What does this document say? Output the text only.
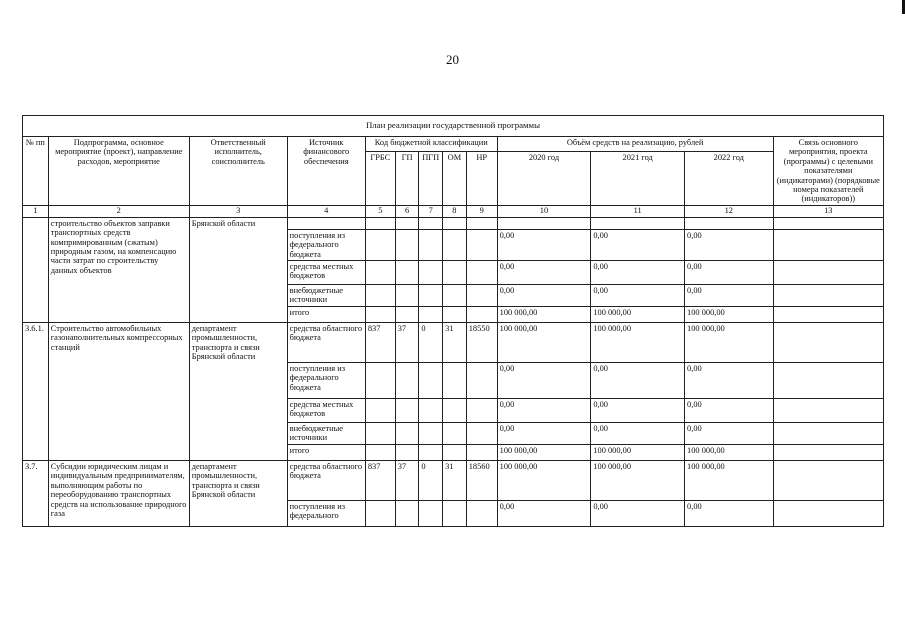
20
План реализации государственной программы												
№ пп	Подпрограмма, основное мероприятие (проект), направление расходов, мероприятие	Ответственный исполнитель, соисполнитель	Источник финансового обеспечения	Код бюджетной классификации					Объём средств на реализацию, рублей			Связь основного мероприятия, проекта (программы) с целевыми показателями (индикаторами) (порядковые номера показателей (индикаторов))
				ГРБС	ГП	ПГП	ОМ	НР	2020 год	2021 год	2022 год	
1	2	3	4	5	6	7	8	9	10	11	12	13
	строительство объектов заправки транспортных средств компримированным (сжатым) природным газом, на компенсацию части затрат по строительству данных объектов	Брянской области										
			поступления из федерального бюджета						0,00	0,00	0,00	
			средства местных бюджетов						0,00	0,00	0,00	
			внебюджетные источники						0,00	0,00	0,00	
			итого						100 000,00	100 000,00	100 000,00	
3.6.1.	Строительство автомобильных газонаполнительных компрессорных станций	департамент промышленности, транспорта и связи Брянской области	средства областного бюджета	837	37	0	31	18550	100 000,00	100 000,00	100 000,00	
			поступления из федерального бюджета						0,00	0,00	0,00	
			средства местных бюджетов						0,00	0,00	0,00	
			внебюджетные источники						0,00	0,00	0,00	
			итого						100 000,00	100 000,00	100 000,00	
3.7.	Субсидии юридическим лицам и индивидуальным предпринимателям, выполняющим работы по переоборудованию транспортных средств на использование природного газа	департамент промышленности, транспорта и связи Брянской области	средства областного бюджета	837	37	0	31	18560	100 000,00	100 000,00	100 000,00	
			поступления из федерального						0,00	0,00	0,00	
